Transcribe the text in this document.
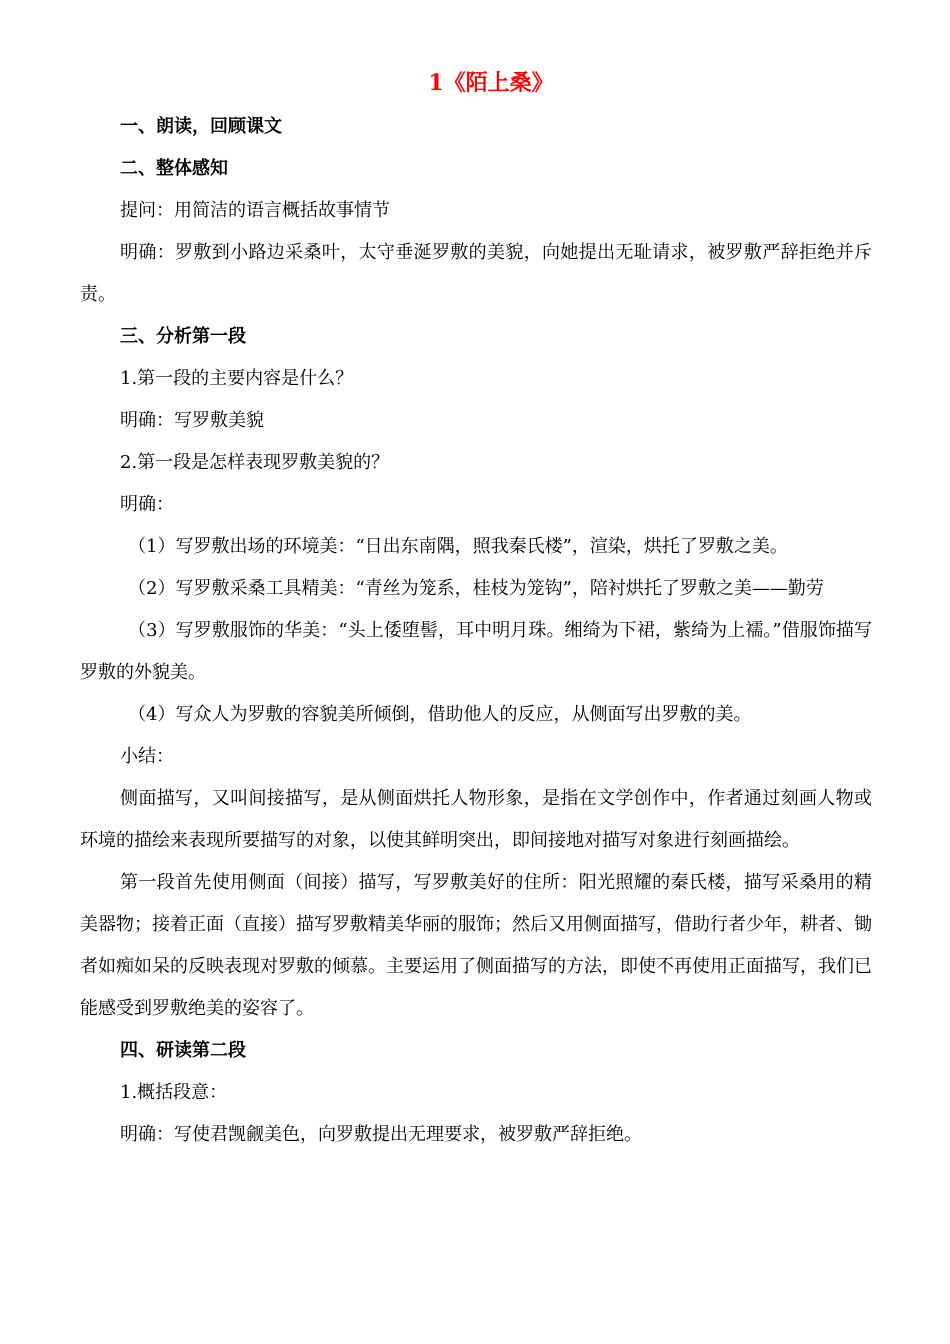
1《陌上桑》

一、朗读，回顾课文

二、整体感知

提问：用简洁的语言概括故事情节

明确：罗敷到小路边采桑叶，太守垂涎罗敷的美貌，向她提出无耻请求，被罗敷严辞拒绝并斥责。

三、分析第一段

1.第一段的主要内容是什么？

明确：写罗敷美貌

2.第一段是怎样表现罗敷美貌的？

明确：

（1）写罗敷出场的环境美：“日出东南隅，照我秦氏楼”，渲染，烘托了罗敷之美。

（2）写罗敷采桑工具精美：“青丝为笼系，桂枝为笼钩”，陪衬烘托了罗敷之美——勤劳

（3）写罗敷服饰的华美：“头上倭堕髻，耳中明月珠。缃绮为下裙，紫绮为上襦。”借服饰描写罗敷的外貌美。

（4）写众人为罗敷的容貌美所倾倒，借助他人的反应，从侧面写出罗敷的美。

小结：

侧面描写，又叫间接描写，是从侧面烘托人物形象，是指在文学创作中，作者通过刻画人物或环境的描绘来表现所要描写的对象，以使其鲜明突出，即间接地对描写对象进行刻画描绘。

第一段首先使用侧面（间接）描写，写罗敷美好的住所：阳光照耀的秦氏楼，描写采桑用的精美器物；接着正面（直接）描写罗敷精美华丽的服饰；然后又用侧面描写，借助行者少年，耕者、锄者如痴如呆的反映表现对罗敷的倾慕。主要运用了侧面描写的方法，即使不再使用正面描写，我们已能感受到罗敷绝美的姿容了。

四、研读第二段

1.概括段意：

明确：写使君觊觎美色，向罗敷提出无理要求，被罗敷严辞拒绝。
